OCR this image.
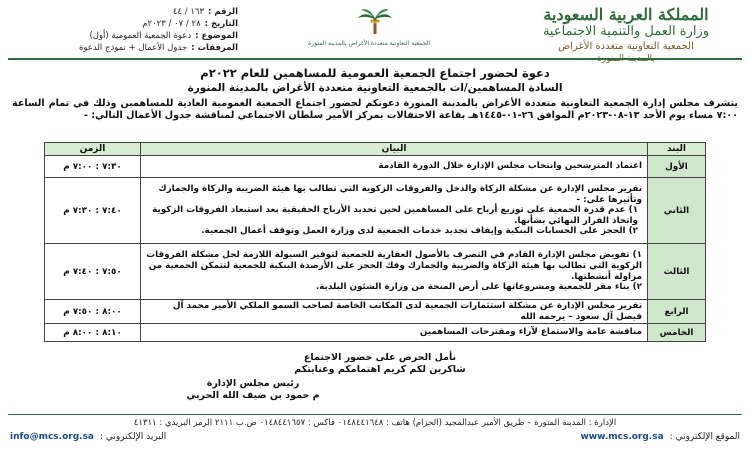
المملكة العربية السعودية
وزارة العمل والتنمية الاجتماعية
الجمعية التعاونية متعددة الأغراض
الجمعية التعاونية متعددة الأغراض بالمدينة المنورة
الرقم :
١٦٣ / ٤٤
التاريخ :
٢٨ / ٠٧ / ٢٠٢٣م
الموضوع :
دعوة الجمعية العمومية (أول)
المرفقات :
جدول الأعمال + نموذج الدعوة
دعوة لحضور اجتماع الجمعية العمومية للمساهمين للعام ٢٠٢٢م
السادة المساهمين/ات بالجمعية التعاونية متعددة الأغراض بالمدينة المنورة
يتشرف مجلس إدارة الجمعية التعاونية متعددة الأغراض بالمدينة المنورة دعوتكم لحضور اجتماع الجمعية العمومية العادية للمساهمين وذلك في تمام الساعة ٧:٠٠ مساء يوم الأحد ١٣-٠٨-٢٠٢٣م الموافق ٢٦-٠١-١٤٤٥هـ بقاعة الاحتفالات بمركز الأمير سلطان الاجتماعي لمناقشة جدول الأعمال التالي: -
البند	البيان	الزمن
الأول	اعتماد المترشحين وانتخاب مجلس الإدارة خلال الدورة القادمة	٧:٣٠ : ٧:٠٠ م
الثاني	تقرير مجلس الإدارة عن مشكلة الزكاة والدخل والفروقات الزكوية التي تطالب بها هيئة الضريبة والزكاة والجمارك وتأثيرها على: -

١) عدم قدرة الجمعية على توزيع أرباح على المساهمين لحين تحديد الأرباح الحقيقية بعد استبعاد الفروقات الزكوية واتخاذ القرار النهائي بشأنها.

٢) الحجز على الحسابات البنكية وإيقاف تجديد خدمات الجمعية لدى وزارة العمل وتوقف أعمال الجمعية.	٧:٤٠ : ٧:٣٠ م
الثالث	١) تفويض مجلس الإدارة القادم في التصرف بالأصول العقارية للجمعية لتوفير السيولة اللازمة لحل مشكلة الفروقات الزكوية التي تطالب بها هيئة الزكاة والضريبة والجمارك وفك الحجز على الأرصدة البنكية للجمعية لتتمكن الجمعية من مزاولة أنشطتها.

٢) بناء مقر للجمعية ومشروعاتها على أرض المنحة من وزارة الشئون البلدية.	٧:٥٠ : ٧:٤٠ م
الرابع	تقرير مجلس الإدارة عن مشكلة استثمارات الجمعية لدى المكاتب الخاصة لصاحب السمو الملكي الأمير محمد آل فيصل آل سعود – يرحمه الله	٨:٠٠ : ٧:٥٠ م
الخامس	مناقشة عامة والاستماع لآراء ومقترحات المساهمين	٨:١٠ : ٨:٠٠ م
نأمل الحرص على حضور الاجتماع
شاكرين لكم كريم اهتمامكم وعنايتكم
رئيس مجلس الإدارة
م حمود بن ضيف الله الحربي
الإدارة : المدينة المنورة – طريق الأمير عبدالمجيد (الحزام) هاتف : ٠١٤٨٤٤١٦٤٨ فاكس : ٠١٤٨٤٤١٦٥٧ ص.ب ٢١١١ الرمز البريدي : ٤١٣١١
الموقع الإلكتروني :
www.mcs.org.sa
البريد الإلكتروني :
info@mcs.org.sa
